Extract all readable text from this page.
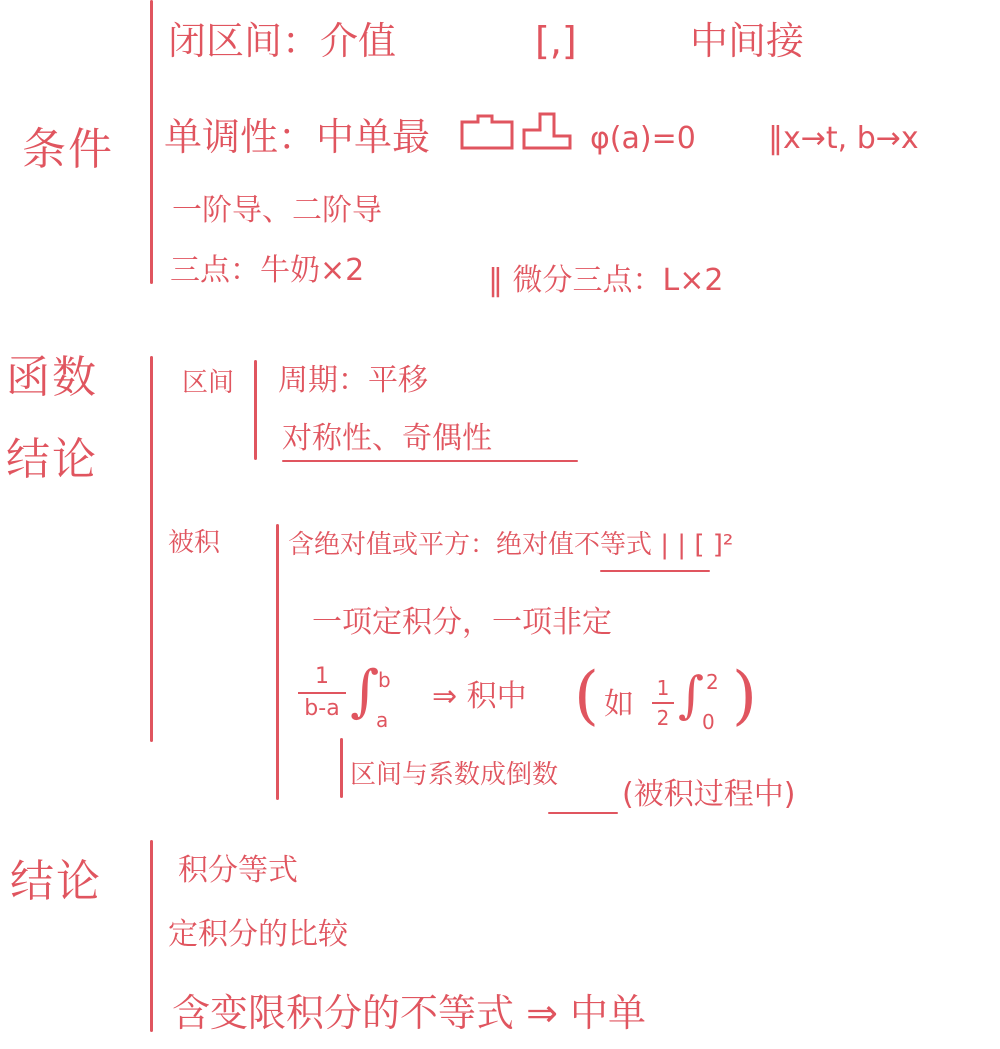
条件
闭区间：介值	[,]	中间接
单调性：中单最	φ(a)=0 ‖x→t, b→x
一阶导、二阶导
三点：牛奶×2	‖ 微分三点：L×2
函数
结论
区间 周期：平移
对称性、奇偶性
被积	含绝对值或平方：绝对值不等式 | | [ ]²
一项定积分，一项非定
1
b-a ∫
b
a
⇒ 积中 ( 如 1
2 ∫ 2
0 )
区间与系数成倒数
(被积过程中)
结论	积分等式
定积分的比较
含变限积分的不等式 ⇒ 中单
